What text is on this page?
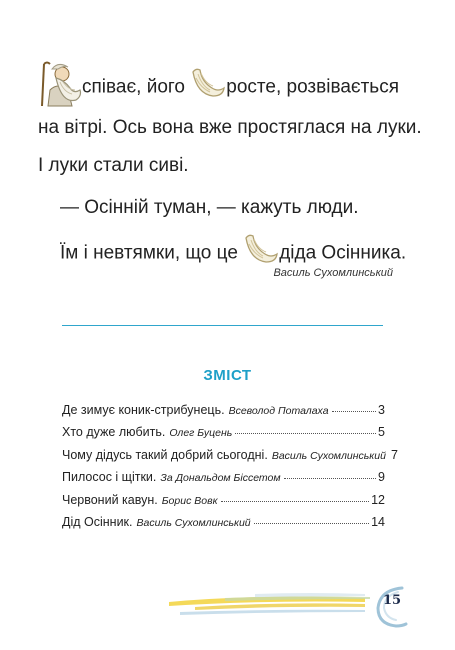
співає, його росте, розвівається
на вітрі. Ось вона вже простяглася на луки.
І луки стали сиві.
— Осінній туман, — кажуть люди.
Їм і невтямки, що це діда Осінника.
Василь Сухомлинський
ЗМІСТ
Де зимує коник-стрибунець. Всеволод Поталаха	3
Хто дуже любить. Олег Буцень	5
Чому дідусь такий добрий сьогодні. Василь Сухомлинський 7
Пилосос і щітки. За Дональдом Біссетом	9
Червоний кавун. Борис Вовк	12
Дід Осінник. Василь Сухомлинський	14
15
